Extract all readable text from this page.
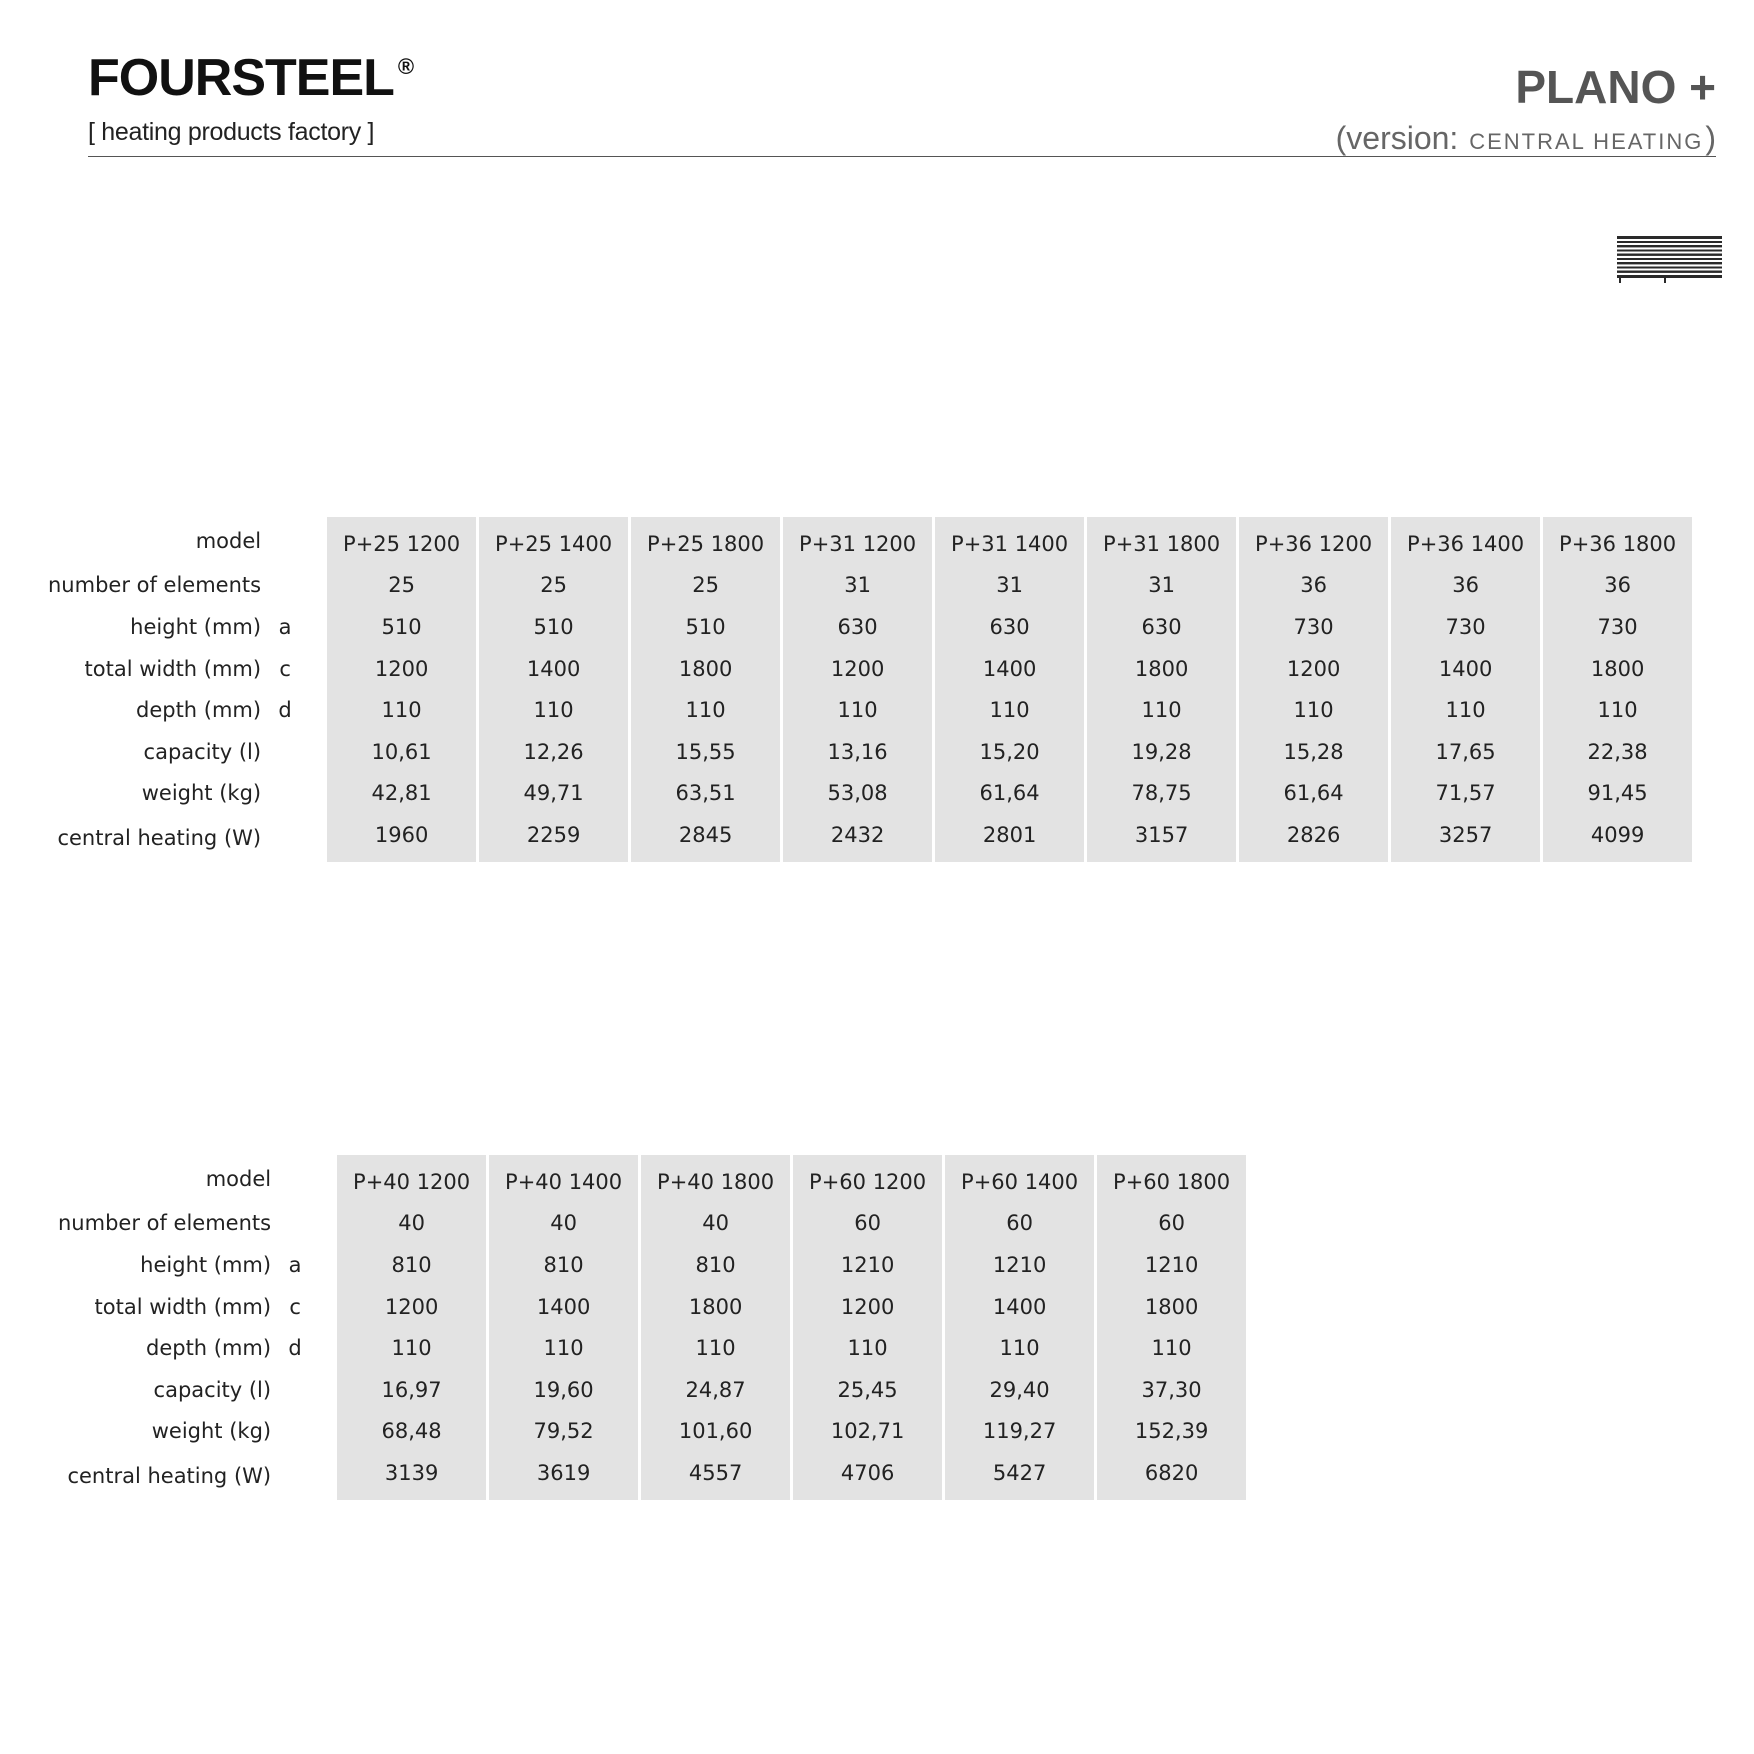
FOURSTEEL ®
[ heating products factory ]
PLANO +
(version: CENTRAL HEATING)
model			P+25 1200	P+25 1400	P+25 1800	P+31 1200	P+31 1400	P+31 1800	P+36 1200	P+36 1400	P+36 1800
number of elements			25	25	25	31	31	31	36	36	36
height (mm)	a		510	510	510	630	630	630	730	730	730
total width (mm)	c		1200	1400	1800	1200	1400	1800	1200	1400	1800
depth (mm)	d		110	110	110	110	110	110	110	110	110
capacity (l)			10,61	12,26	15,55	13,16	15,20	19,28	15,28	17,65	22,38
weight (kg)			42,81	49,71	63,51	53,08	61,64	78,75	61,64	71,57	91,45
central heating (W)			1960	2259	2845	2432	2801	3157	2826	3257	4099
model			P+40 1200	P+40 1400	P+40 1800	P+60 1200	P+60 1400	P+60 1800
number of elements			40	40	40	60	60	60
height (mm)	a		810	810	810	1210	1210	1210
total width (mm)	c		1200	1400	1800	1200	1400	1800
depth (mm)	d		110	110	110	110	110	110
capacity (l)			16,97	19,60	24,87	25,45	29,40	37,30
weight (kg)			68,48	79,52	101,60	102,71	119,27	152,39
central heating (W)			3139	3619	4557	4706	5427	6820
